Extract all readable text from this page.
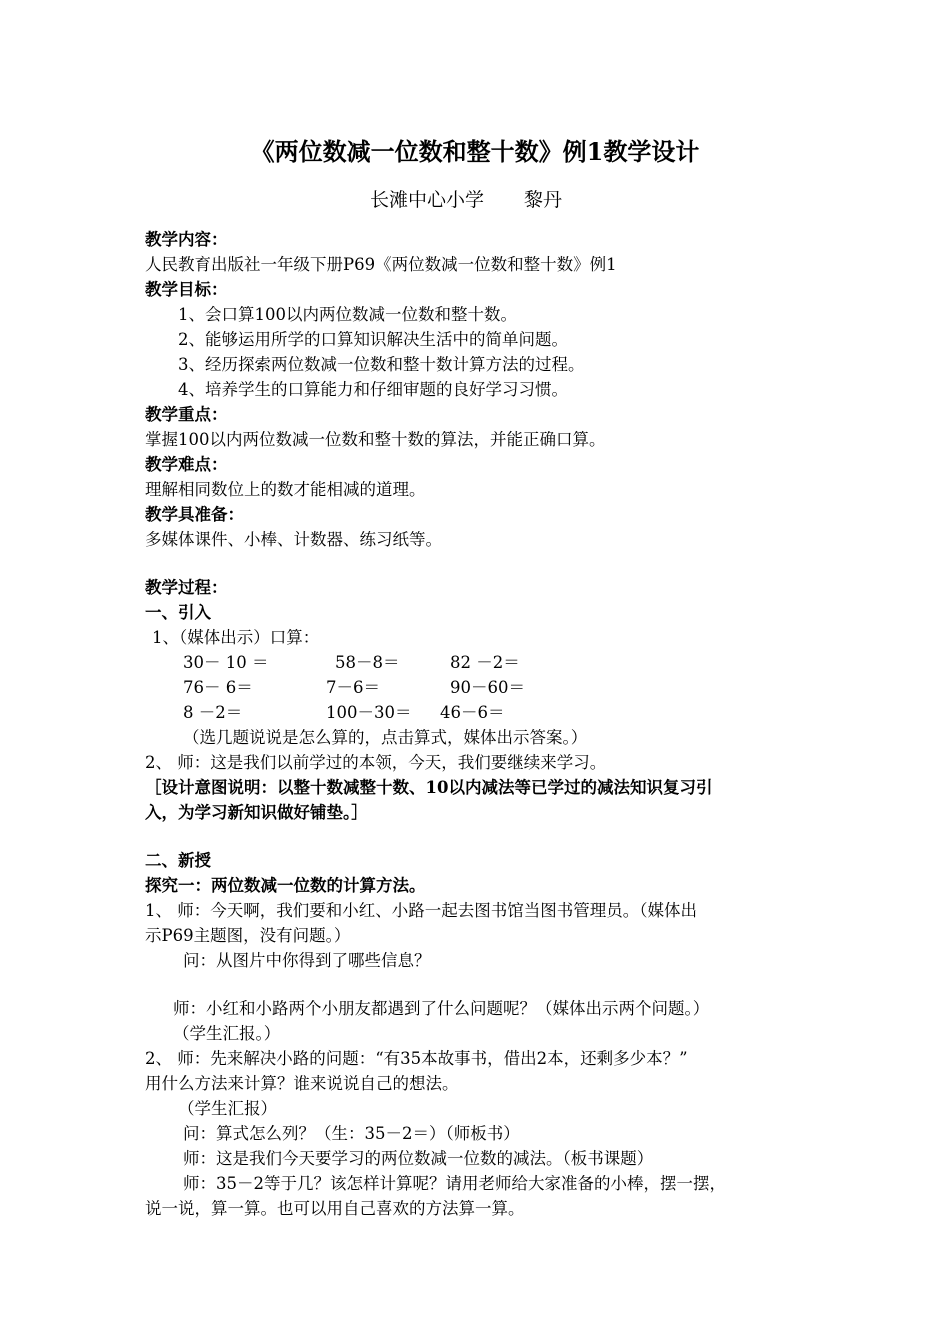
《两位数减一位数和整十数》例1教学设计
长滩中心小学 黎丹
教学内容：
人民教育出版社一年级下册P69《两位数减一位数和整十数》例1
教学目标：
1、会口算100以内两位数减一位数和整十数。
2、能够运用所学的口算知识解决生活中的简单问题。
3、经历探索两位数减一位数和整十数计算方法的过程。
4、培养学生的口算能力和仔细审题的良好学习习惯。
教学重点：
掌握100以内两位数减一位数和整十数的算法，并能正确口算。
教学难点：
理解相同数位上的数才能相减的道理。
教学具准备：
多媒体课件、小棒、计数器、练习纸等。
教学过程：
一、引入
1、（媒体出示）口算：
30－ 10 ＝	58－8＝	82 －2＝
76－ 6＝	7－6＝	90－60＝
8 －2＝	100－30＝ 46－6＝
（选几题说说是怎么算的，点击算式，媒体出示答案。）
2、 师：这是我们以前学过的本领，今天，我们要继续来学习。
［设计意图说明：以整十数减整十数、10以内减法等已学过的减法知识复习引
入，为学习新知识做好铺垫。］
二、新授
探究一：两位数减一位数的计算方法。
1、 师：今天啊，我们要和小红、小路一起去图书馆当图书管理员。（媒体出
示P69主题图，没有问题。）
问：从图片中你得到了哪些信息？
师：小红和小路两个小朋友都遇到了什么问题呢？（媒体出示两个问题。）
（学生汇报。）
2、 师：先来解决小路的问题：“有35本故事书，借出2本，还剩多少本？”
用什么方法来计算？谁来说说自己的想法。
（学生汇报）
问：算式怎么列？（生：35－2＝）（师板书）
师：这是我们今天要学习的两位数减一位数的减法。（板书课题）
师：35－2等于几？该怎样计算呢？请用老师给大家准备的小棒，摆一摆，
说一说，算一算。也可以用自己喜欢的方法算一算。
